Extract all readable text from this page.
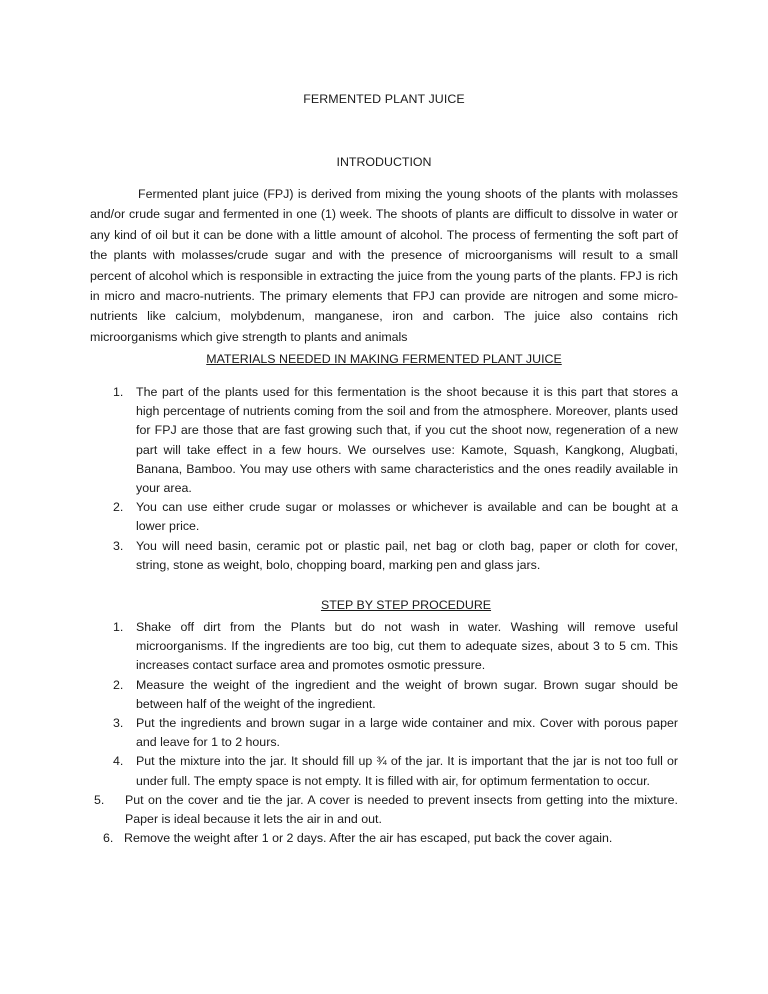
FERMENTED PLANT JUICE
INTRODUCTION

Fermented plant juice (FPJ) is derived from mixing the young shoots of the plants with molasses and/or crude sugar and fermented in one (1) week. The shoots of plants are difficult to dissolve in water or any kind of oil but it can be done with a little amount of alcohol. The process of fermenting the soft part of the plants with molasses/crude sugar and with the presence of microorganisms will result to a small percent of alcohol which is responsible in extracting the juice from the young parts of the plants. FPJ is rich in micro and macro-nutrients. The primary elements that FPJ can provide are nitrogen and some micro-nutrients like calcium, molybdenum, manganese, iron and carbon. The juice also contains rich microorganisms which give strength to plants and animals

MATERIALS NEEDED IN MAKING FERMENTED PLANT JUICE
1. The part of the plants used for this fermentation is the shoot because it is this part that stores a high percentage of nutrients coming from the soil and from the atmosphere. Moreover, plants used for FPJ are those that are fast growing such that, if you cut the shoot now, regeneration of a new part will take effect in a few hours. We ourselves use: Kamote, Squash, Kangkong, Alugbati, Banana, Bamboo. You may use others with same characteristics and the ones readily available in your area.
2. You can use either crude sugar or molasses or whichever is available and can be bought at a lower price.
3. You will need basin, ceramic pot or plastic pail, net bag or cloth bag, paper or cloth for cover, string, stone as weight, bolo, chopping board, marking pen and glass jars.
STEP BY STEP PROCEDURE
1. Shake off dirt from the Plants but do not wash in water. Washing will remove useful microorganisms. If the ingredients are too big, cut them to adequate sizes, about 3 to 5 cm. This increases contact surface area and promotes osmotic pressure.
2. Measure the weight of the ingredient and the weight of brown sugar. Brown sugar should be between half of the weight of the ingredient.
3. Put the ingredients and brown sugar in a large wide container and mix. Cover with porous paper and leave for 1 to 2 hours.
4. Put the mixture into the jar. It should fill up ¾ of the jar. It is important that the jar is not too full or under full. The empty space is not empty. It is filled with air, for optimum fermentation to occur.
5. Put on the cover and tie the jar. A cover is needed to prevent insects from getting into the mixture. Paper is ideal because it lets the air in and out.
6. Remove the weight after 1 or 2 days. After the air has escaped, put back the cover again.
